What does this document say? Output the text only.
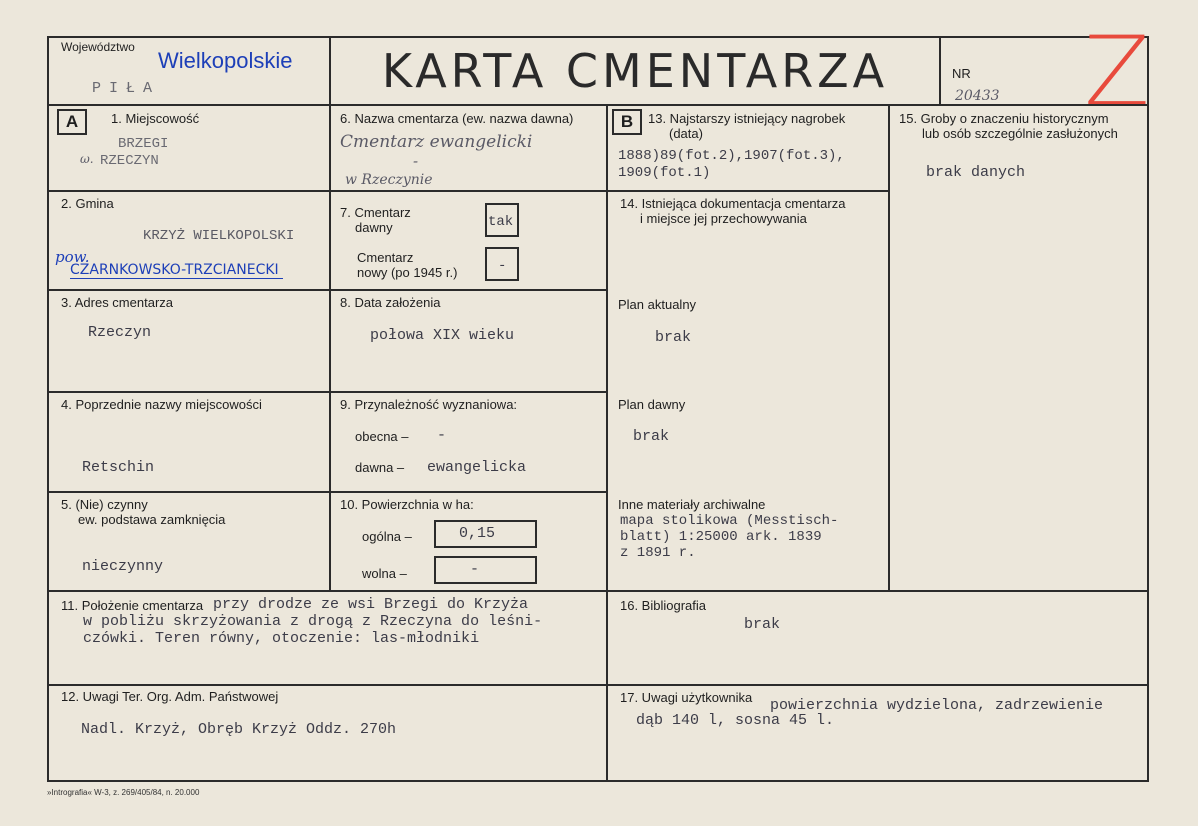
Województwo
Wielkopolskie
PIŁA	KARTA CMENTARZA	NR
20433 Z
A	1. Miejscowość
BRZEGI
ω. RZECZYN
2. Gmina
KRZYŻ WIELKOPOLSKI
pow.
CZARNKOWSKO-TRZCIANECKI
3. Adres cmentarza
Rzeczyn
4. Poprzednie nazwy miejscowości
Retschin
5. (Nie) czynny
ew. podstawa zamknięcia
nieczynny
6. Nazwa cmentarza (ew. nazwa dawna)
Cmentarz ewangelicki
-
w Rzeczynie
7. Cmentarz
dawny	tak
Cmentarz
nowy (po 1945 r.)	-
8. Data założenia
połowa XIX wieku
9. Przynależność wyznaniowa:
obecna – -
dawna – ewangelicka
10. Powierzchnia w ha:
ogólna –	0,15
wolna –	-
B	13. Najstarszy istniejący nagrobek
(data)
1888)89(fot.2),1907(fot.3),
1909(fot.1)
14. Istniejąca dokumentacja cmentarza
i miejsce jej przechowywania
Plan aktualny
brak
Plan dawny
brak
Inne materiały archiwalne
mapa stolikowa (Messtisch-
blatt) 1:25000 ark. 1839
z 1891 r.
15. Groby o znaczeniu historycznym
lub osób szczególnie zasłużonych
brak danych
11. Położenie cmentarza przy drodze ze wsi Brzegi do Krzyża
w pobliżu skrzyżowania z drogą z Rzeczyna do leśni-
czówki. Teren równy, otoczenie: las-młodniki
16. Bibliografia
brak
12. Uwagi Ter. Org. Adm. Państwowej
Nadl. Krzyż, Obręb Krzyż Oddz. 270h
17. Uwagi użytkownika powierzchnia wydzielona, zadrzewienie
dąb 140 l, sosna 45 l.
»Intrografia« W-3, z. 269/405/84, n. 20.000
